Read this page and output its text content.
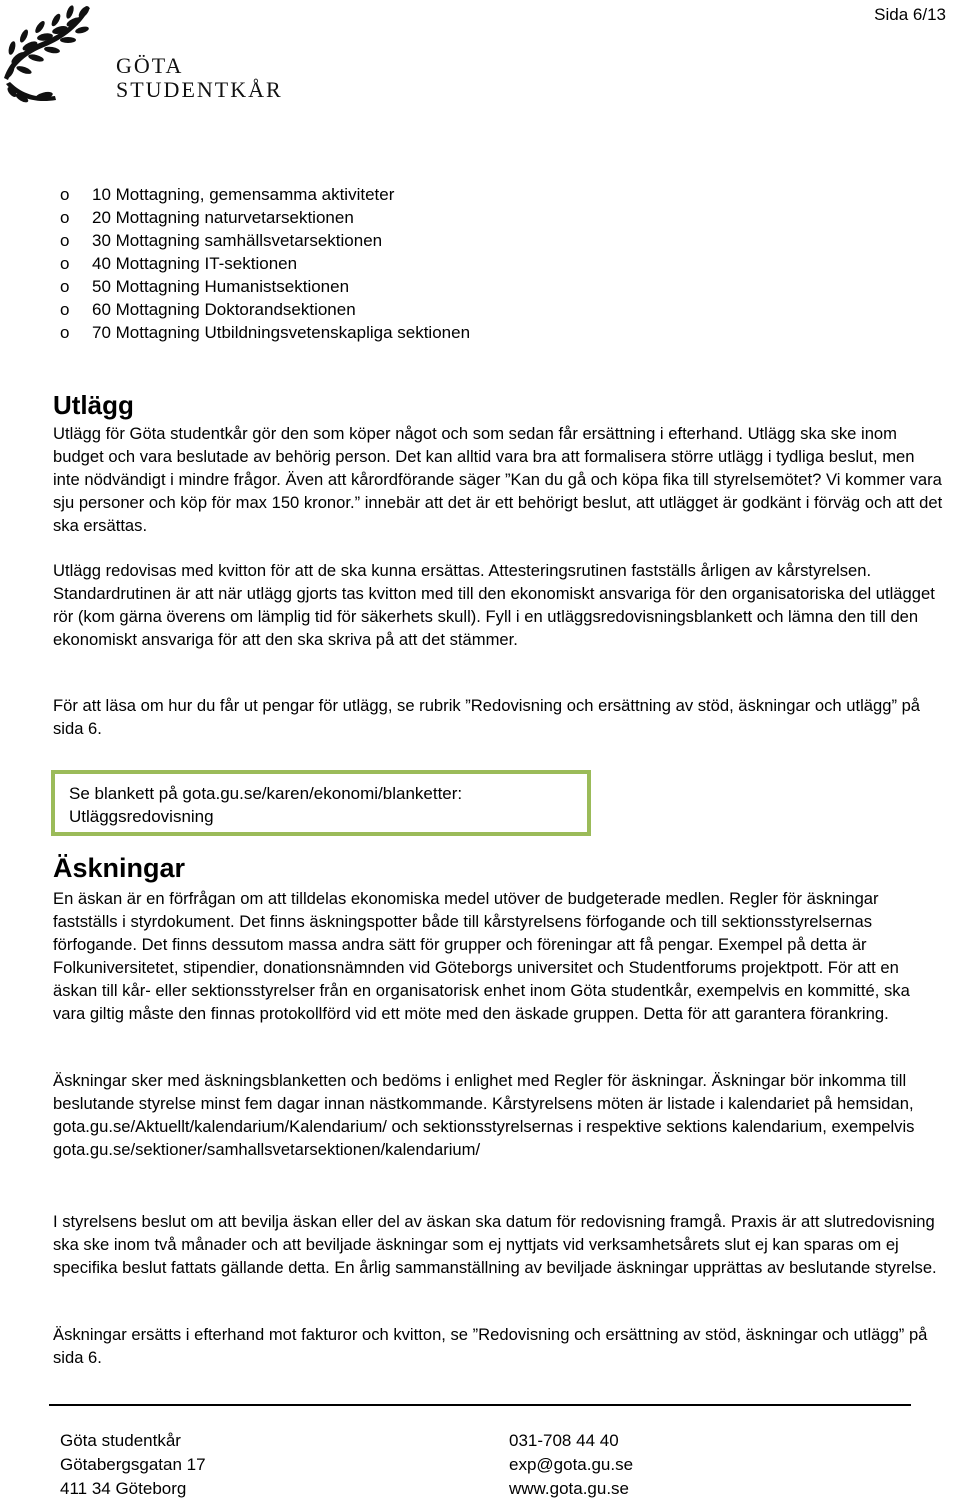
Sida 6/13
GÖTA
STUDENTKÅR
o 10 Mottagning, gemensamma aktiviteter
o 20 Mottagning naturvetarsektionen
o 30 Mottagning samhällsvetarsektionen
o 40 Mottagning IT-sektionen
o 50 Mottagning Humanistsektionen
o 60 Mottagning Doktorandsektionen
o 70 Mottagning Utbildningsvetenskapliga sektionen
Utlägg

Utlägg för Göta studentkår gör den som köper något och som sedan får ersättning i efterhand. Utlägg ska ske inom budget och vara beslutade av behörig person. Det kan alltid vara bra att formalisera större utlägg i tydliga beslut, men inte nödvändigt i mindre frågor. Även att kårordförande säger ”Kan du gå och köpa fika till styrelsemötet? Vi kommer vara sju personer och köp för max 150 kronor.” innebär att det är ett behörigt beslut, att utlägget är godkänt i förväg och att det ska ersättas.

Utlägg redovisas med kvitton för att de ska kunna ersättas. Attesteringsrutinen fastställs årligen av kårstyrelsen. Standardrutinen är att när utlägg gjorts tas kvitton med till den ekonomiskt ansvariga för den organisatoriska del utlägget rör (kom gärna överens om lämplig tid för säkerhets skull). Fyll i en utläggsredovisningsblankett och lämna den till den ekonomiskt ansvariga för att den ska skriva på att det stämmer.

För att läsa om hur du får ut pengar för utlägg, se rubrik ”Redovisning och ersättning av stöd, äskningar och utlägg” på sida 6.

Se blankett på gota.gu.se/karen/ekonomi/blanketter:
Utläggsredovisning

Äskningar

En äskan är en förfrågan om att tilldelas ekonomiska medel utöver de budgeterade medlen. Regler för äskningar fastställs i styrdokument. Det finns äskningspotter både till kårstyrelsens förfogande och till sektionsstyrelsernas förfogande. Det finns dessutom massa andra sätt för grupper och föreningar att få pengar. Exempel på detta är Folkuniversitetet, stipendier, donationsnämnden vid Göteborgs universitet och Studentforums projektpott. För att en äskan till kår- eller sektionsstyrelser från en organisatorisk enhet inom Göta studentkår, exempelvis en kommitté, ska vara giltig måste den finnas protokollförd vid ett möte med den äskade gruppen. Detta för att garantera förankring.

Äskningar sker med äskningsblanketten och bedöms i enlighet med Regler för äskningar. Äskningar bör inkomma till beslutande styrelse minst fem dagar innan nästkommande. Kårstyrelsens möten är listade i kalendariet på hemsidan, gota.gu.se/Aktuellt/kalendarium/Kalendarium/ och sektionsstyrelsernas i respektive sektions kalendarium, exempelvis gota.gu.se/sektioner/samhallsvetarsektionen/kalendarium/

I styrelsens beslut om att bevilja äskan eller del av äskan ska datum för redovisning framgå. Praxis är att slutredovisning ska ske inom två månader och att beviljade äskningar som ej nyttjats vid verksamhetsårets slut ej kan sparas om ej specifika beslut fattats gällande detta. En årlig sammanställning av beviljade äskningar upprättas av beslutande styrelse.

Äskningar ersätts i efterhand mot fakturor och kvitton, se ”Redovisning och ersättning av stöd, äskningar och utlägg” på sida 6.

Göta studentkår
Götabergsgatan 17
411 34 Göteborg
031-708 44 40
exp@gota.gu.se
www.gota.gu.se
